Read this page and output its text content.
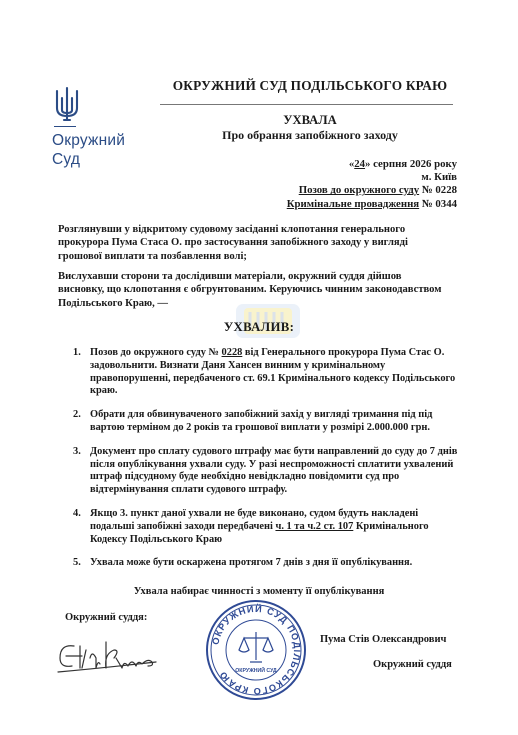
Окружний
Суд
ОКРУЖНИЙ СУД ПОДІЛЬСЬКОГО КРАЮ
УХВАЛА
Про обрання запобіжного заходу
«24» серпня 2026 року
м. Київ
Позов до окружного суду № 0228
Кримінальне провадження № 0344
Розглянувши у відкритому судовому засіданні клопотання генерального прокурора Пума Стаса О. про застосування запобіжного заходу у вигляді грошової виплати та позбавлення волі;
Вислухавши сторони та дослідивши матеріали, окружний суддя дійшов висновку, що клопотання є обгрунтованим. Керуючись чинним законодавством Подільського Краю, —
УХВАЛИВ:
1. Позов до окружного суду № 0228 від Генерального прокурора Пума Стас О. задовольнити. Визнати Даня Хансен винним у кримінальному правопорушенні, передбаченого ст. 69.1 Кримінального кодексу Подільського краю.
2. Обрати для обвинуваченого запобіжний захід у вигляді тримання під під вартою терміном до 2 років та грошової виплати у розмірі 2.000.000 грн.
3. Документ про сплату судового штрафу має бути направлений до суду до 7 днів після опублікування ухвали суду. У разі неспроможності сплатити ухвалений штраф підсудному буде необхідно невідкладно повідомити суд про відтермінування сплати судового штрафу.
4. Якщо 3. пункт даної ухвали не буде виконано, судом будуть накладені подальші запобіжні заходи передбачені ч. 1 та ч.2 ст. 107 Кримінального Кодексу Подільського Краю
5. Ухвала може бути оскаржена протягом 7 днів з дня її опублікування.
Ухвала набирає чинності з моменту її опублікування
Окружний суддя:
ОКРУЖНИЙ СУД ПОДІЛЬСЬКОГО КРАЮ ОКРУЖНИЙ СУД
Пума Стів Олександрович
Окружний суддя
